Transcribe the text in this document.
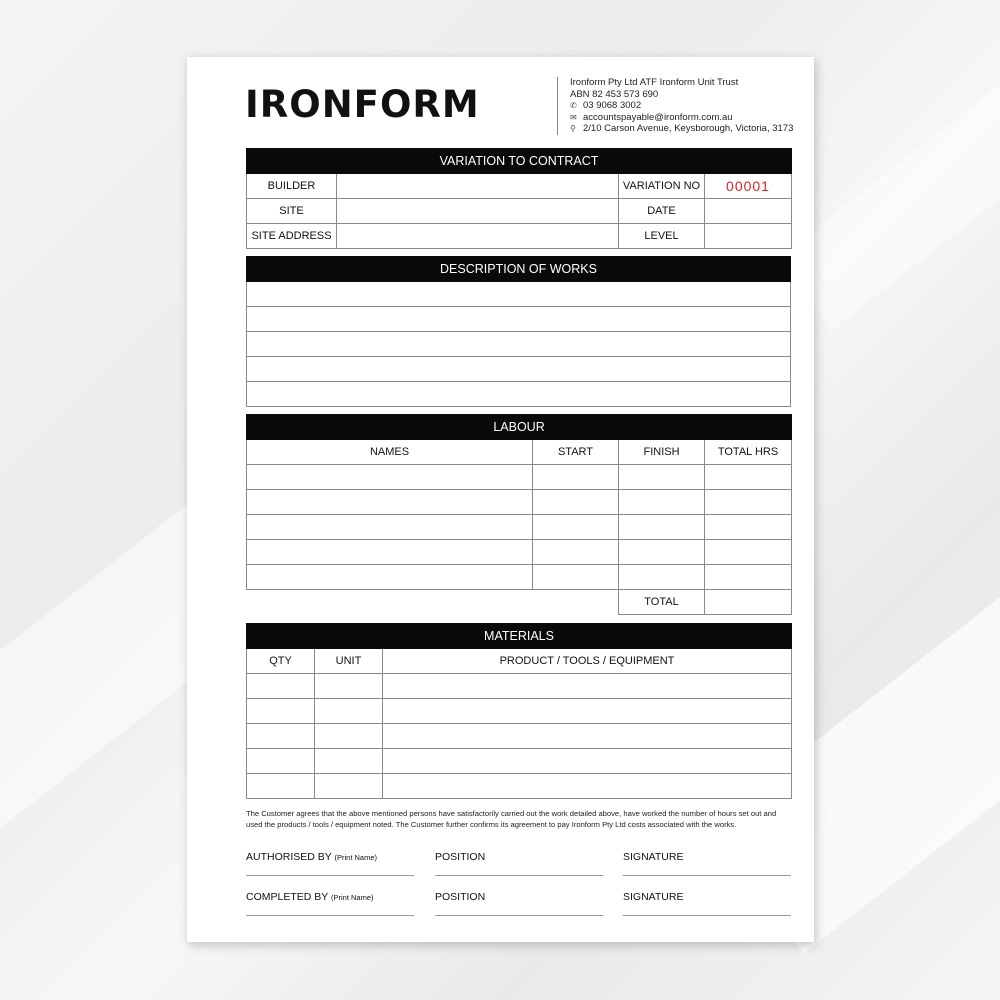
IRONFORM
Ironform Pty Ltd ATF Ironform Unit Trust
ABN 82 453 573 690
✆ 03 9068 3002
✉ accountspayable@ironform.com.au
⚲ 2/10 Carson Avenue, Keysborough, Victoria, 3173
VARIATION TO CONTRACT			
BUILDER		VARIATION NO	00001
SITE		DATE	
SITE ADDRESS		LEVEL	
DESCRIPTION OF WORKS

LABOUR			
NAMES	START	FINISH	TOTAL HRS

		TOTAL	
MATERIALS		
QTY	UNIT	PRODUCT / TOOLS / EQUIPMENT

The Customer agrees that the above mentioned persons have satisfactorily carried out the work detailed above, have worked the number of hours set out and used the products / tools / equipment noted. The Customer further confirms its agreement to pay Ironform Pty Ltd costs associated with the works.
AUTHORISED BY (Print Name)	POSITION	SIGNATURE
COMPLETED BY (Print Name)	POSITION	SIGNATURE
